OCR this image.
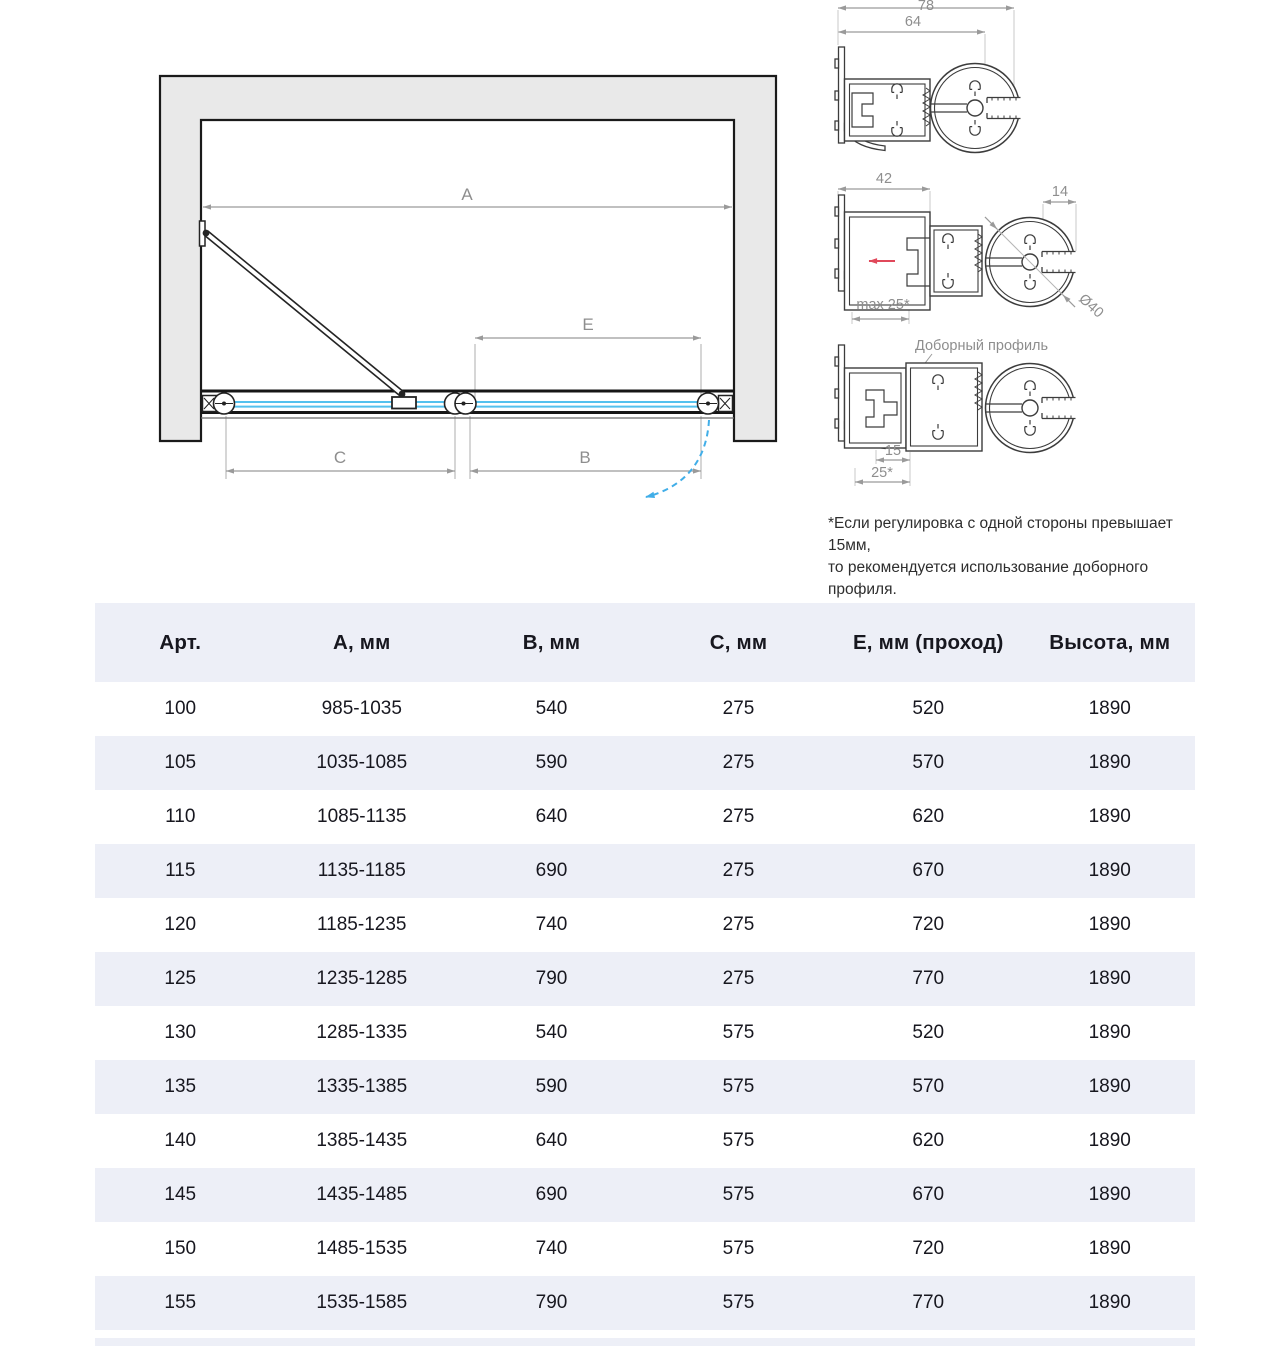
A
E
C	B
78
64
42
14
Ø40
max 25*
Доборный профиль
15
25*
*Если регулировка с одной стороны превышает 15мм,
то рекомендуется использование доборного профиля.
Арт.	А, мм	В, мм	С, мм	Е, мм (проход)	Высота, мм
100	985-1035	540	275	520	1890
105	1035-1085	590	275	570	1890
110	1085-1135	640	275	620	1890
115	1135-1185	690	275	670	1890
120	1185-1235	740	275	720	1890
125	1235-1285	790	275	770	1890
130	1285-1335	540	575	520	1890
135	1335-1385	590	575	570	1890
140	1385-1435	640	575	620	1890
145	1435-1485	690	575	670	1890
150	1485-1535	740	575	720	1890
155	1535-1585	790	575	770	1890
